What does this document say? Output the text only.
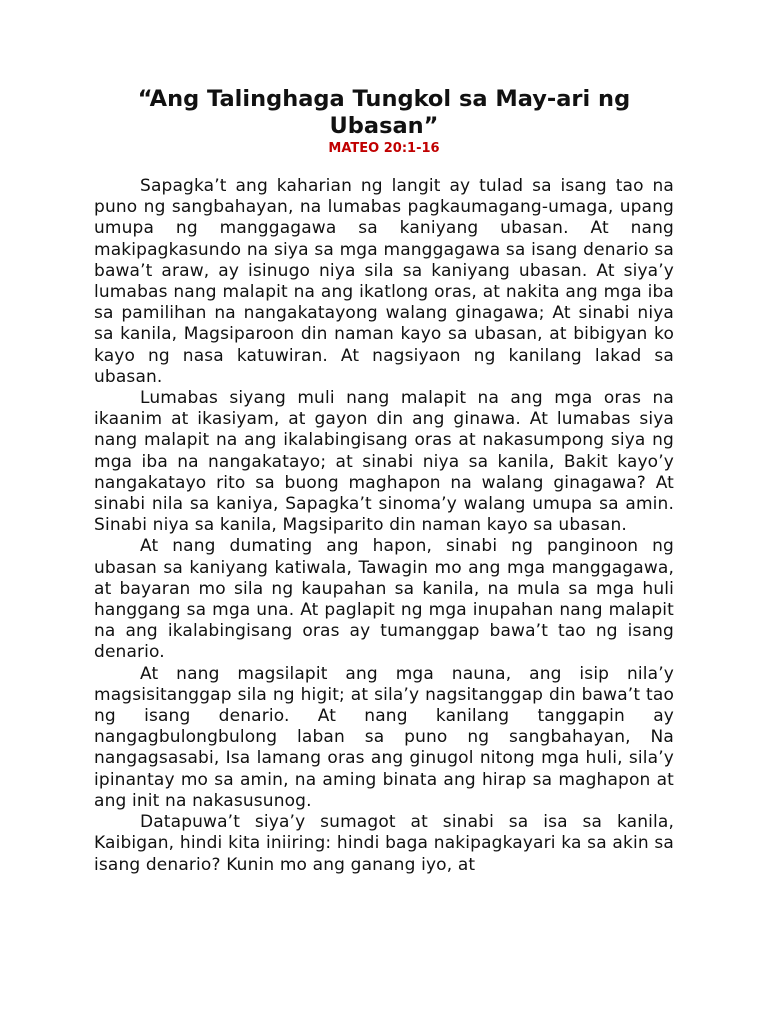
“Ang Talinghaga Tungkol sa May-ari ng Ubasan”
MATEO 20:1-16

Sapagka’t ang kaharian ng langit ay tulad sa isang tao na puno ng sangbahayan, na lumabas pagkaumagang-umaga, upang umupa ng manggagawa sa kaniyang ubasan. At nang makipagkasundo na siya sa mga manggagawa sa isang denario sa bawa’t araw, ay isinugo niya sila sa kaniyang ubasan. At siya’y lumabas nang malapit na ang ikatlong oras, at nakita ang mga iba sa pamilihan na nangakatayong walang ginagawa; At sinabi niya sa kanila, Magsiparoon din naman kayo sa ubasan, at bibigyan ko kayo ng nasa katuwiran. At nagsiyaon ng kanilang lakad sa ubasan.

Lumabas siyang muli nang malapit na ang mga oras na ikaanim at ikasiyam, at gayon din ang ginawa. At lumabas siya nang malapit na ang ikalabingisang oras at nakasumpong siya ng mga iba na nangakatayo; at sinabi niya sa kanila, Bakit kayo’y nangakatayo rito sa buong maghapon na walang ginagawa? At sinabi nila sa kaniya, Sapagka’t sinoma’y walang umupa sa amin. Sinabi niya sa kanila, Magsiparito din naman kayo sa ubasan.

At nang dumating ang hapon, sinabi ng panginoon ng ubasan sa kaniyang katiwala, Tawagin mo ang mga manggagawa, at bayaran mo sila ng kaupahan sa kanila, na mula sa mga huli hanggang sa mga una. At paglapit ng mga inupahan nang malapit na ang ikalabingisang oras ay tumanggap bawa’t tao ng isang denario.

At nang magsilapit ang mga nauna, ang isip nila’y magsisitanggap sila ng higit; at sila’y nagsitanggap din bawa’t tao ng isang denario. At nang kanilang tanggapin ay nangagbulongbulong laban sa puno ng sangbahayan, Na nangagsasabi, Isa lamang oras ang ginugol nitong mga huli, sila’y ipinantay mo sa amin, na aming binata ang hirap sa maghapon at ang init na nakasusunog.

Datapuwa’t siya’y sumagot at sinabi sa isa sa kanila, Kaibigan, hindi kita iniiring: hindi baga nakipagkayari ka sa akin sa isang denario? Kunin mo ang ganang iyo, at
